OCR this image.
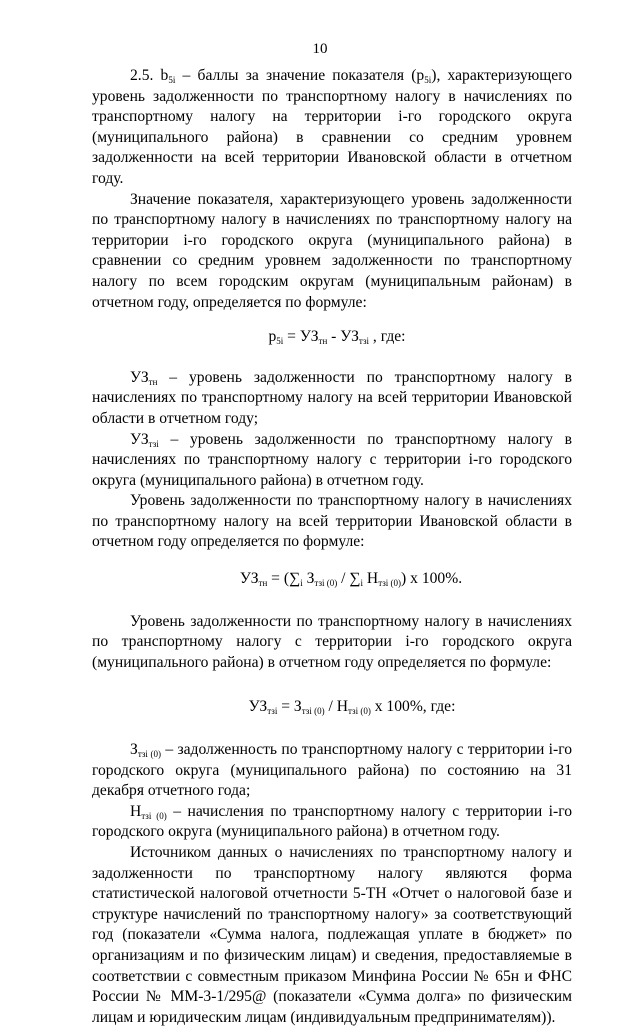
10

2.5. $b_{5i}$ – баллы за значение показателя $(p_{5i})$, характеризующего уровень задолженности по транспортному налогу в начислениях по транспортному налогу на территории i-го городского округа (муниципального района) в сравнении со средним уровнем задолженности на всей территории Ивановской области в отчетном году.

Значение показателя, характеризующего уровень задолженности по транспортному налогу в начислениях по транспортному налогу на территории i-го городского округа (муниципального района) в сравнении со средним уровнем задолженности по транспортному налогу по всем городским округам (муниципальным районам) в отчетном году, определяется по формуле:

$p_{5i} = УЗ_{тн} - УЗ_{тзi}$ , где:

$УЗ_{тн}$ – уровень задолженности по транспортному налогу в начислениях по транспортному налогу на всей территории Ивановской области в отчетном году;

$УЗ_{тзi}$ – уровень задолженности по транспортному налогу в начислениях по транспортному налогу с территории i-го городского округа (муниципального района) в отчетном году.

Уровень задолженности по транспортному налогу в начислениях по транспортному налогу на всей территории Ивановской области в отчетном году определяется по формуле:

$УЗ_{тн} = (\sum_i$ $З_{тзi (0)} / \sum_i$ $Н_{тзi (0)}$) х 100%.

Уровень задолженности по транспортному налогу в начислениях по транспортному налогу с территории i-го городского округа (муниципального района) в отчетном году определяется по формуле:

$УЗ_{тзi} = З_{тзi (0)} / Н_{тзi (0)}$ х 100%, где:

$З_{тзi (0)}$ – задолженность по транспортному налогу с территории i-го городского округа (муниципального района) по состоянию на 31 декабря отчетного года;

$Н_{тзi (0)}$ – начисления по транспортному налогу с территории i-го городского округа (муниципального района) в отчетном году.

Источником данных о начислениях по транспортному налогу и задолженности по транспортному налогу являются форма статистической налоговой отчетности 5-ТН «Отчет о налоговой базе и структуре начислений по транспортному налогу» за соответствующий год (показатели «Сумма налога, подлежащая уплате в бюджет» по организациям и по физическим лицам) и сведения, предоставляемые в соответствии с совместным приказом Минфина России № 65н и ФНС России № ММ-3-1/295@ (показатели «Сумма долга» по физическим лицам и юридическим лицам (индивидуальным предпринимателям)).
